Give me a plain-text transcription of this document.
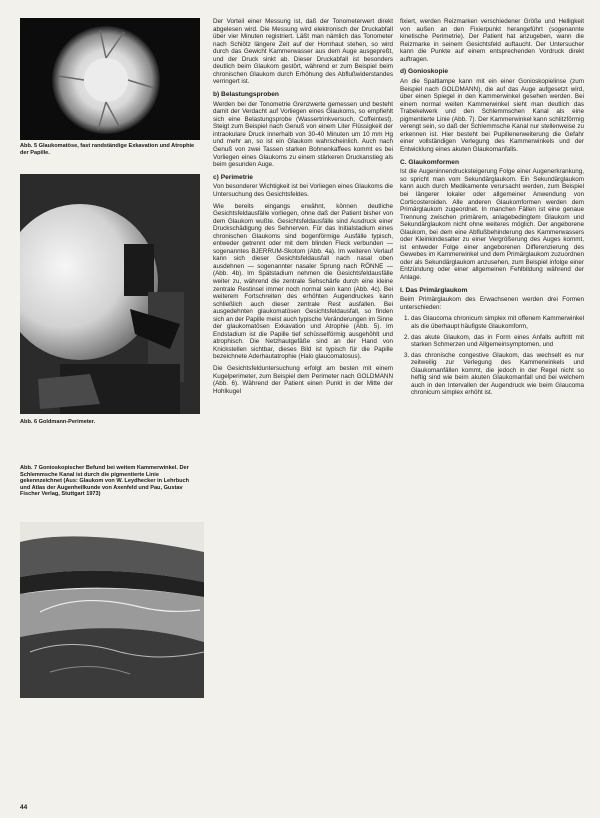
Abb. 5 Glaukomatöse, fast randständige Exkavation und Atrophie der Papille.

Abb. 6 Goldmann-Perimeter.

Abb. 7 Gonioskopischer Befund bei weitem Kammerwinkel. Der Schlemmsche Kanal ist durch die pigmentierte Linie gekennzeichnet (Aus: Glaukom von W. Leydhecker in Lehrbuch und Atlas der Augenheilkunde von Axenfeld und Pau, Gustav Fischer Verlag, Stuttgart 1973)

Der Vorteil einer Messung ist, daß der Tonometerwert direkt abgelesen wird. Die Messung wird elektronisch der Druckabfall über vier Minuten registriert. Läßt man nämlich das Tonometer nach Schiötz längere Zeit auf der Hornhaut stehen, so wird durch das Gewicht Kammerwasser aus dem Auge ausgepreßt, und der Druck sinkt ab. Dieser Druckabfall ist besonders deutlich beim Glaukom gestört, während er zum Beispiel beim chronischen Glaukom durch Erhöhung des Abflußwiderstandes verringert ist.

b) Belastungsproben

Werden bei der Tonometrie Grenzwerte gemessen und besteht damit der Verdacht auf Vorliegen eines Glaukoms, so empfiehlt sich eine Belastungsprobe (Wassertrinkversuch, Coffeintest). Steigt zum Beispiel nach Genuß von einem Liter Flüssigkeit der intraokulare Druck innerhalb von 30-40 Minuten um 10 mm Hg und mehr an, so ist ein Glaukom wahrscheinlich. Auch nach Genuß von zwei Tassen starken Bohnenkaffees kommt es bei Vorliegen eines Glaukoms zu einem stärkeren Druckanstieg als beim gesunden Auge.

c) Perimetrie

Von besonderer Wichtigkeit ist bei Vorliegen eines Glaukoms die Untersuchung des Gesichtsfeldes.

Wie bereits eingangs erwähnt, können deutliche Gesichtsfeldausfälle vorliegen, ohne daß der Patient bisher von dem Glaukom wußte. Gesichtsfeldausfälle sind Ausdruck einer Druckschädigung des Sehnerven. Für das Initialstadium eines chronischen Glaukoms sind bogenförmige Ausfälle typisch, entweder getrennt oder mit dem blinden Fleck verbunden — sogenanntes BJERRUM-Skotom (Abb. 4a). Im weiteren Verlauf kann sich dieser Gesichtsfeldausfall nach nasal oben ausdehnen — sogenannter nasaler Sprung nach RÖNNE — (Abb. 4b). Im Spätstadium nehmen die Gesichtsfeldausfälle weiter zu, während die zentrale Sehschärfe durch eine kleine zentrale Restinsel immer noch normal sein kann (Abb. 4c). Bei weiterem Fortschreiten des erhöhten Augendruckes kann schließlich auch dieser zentrale Rest ausfallen. Bei ausgedehnten glaukomatösen Gesichtsfeldausfall, so finden sich an der Papille meist auch typische Veränderungen im Sinne der glaukomatösen Exkavation und Atrophie (Abb. 5). Im Endstadium ist die Papille tief schüsselförmig ausgehöhlt und atrophisch. Die Netzhautgefäße sind an der Hand von Knickstellen sichtbar, dieses Bild ist typisch für die Papille bezeichnete Aderhautatrophie (Halo glaucomatosus).

Die Gesichtsfelduntersuchung erfolgt am besten mit einem Kugelperimeter, zum Beispiel dem Perimeter nach GOLDMANN (Abb. 6). Während der Patient einen Punkt in der Mitte der Hohlkugel

fixiert, werden Reizmarken verschiedener Größe und Helligkeit von außen an den Fixierpunkt herangeführt (sogenannte kinetische Perimetrie). Der Patient hat anzugeben, wann die Reizmarke in seinem Gesichtsfeld auftaucht. Der Untersucher kann die Punkte auf einem entsprechenden Vordruck direkt auftragen.

d) Gonioskopie

An die Spaltlampe kann mit ein einer Gonioskopielinse (zum Beispiel nach GOLDMANN), die auf das Auge aufgesetzt wird, über einen Spiegel in den Kammerwinkel gesehen werden. Bei einem normal weiten Kammerwinkel sieht man deutlich das Trabekelwerk und den Schlemmschen Kanal als eine pigmentierte Linie (Abb. 7). Der Kammerwinkel kann schlitzförmig verengt sein, so daß der Schlemmsche Kanal nur stellenweise zu erkennen ist. Hier besteht bei Pupillenerweiterung die Gefahr einer vollständigen Verlegung des Kammerwinkels und der Entwicklung eines akuten Glaukomanfalls.

C. Glaukomformen

Ist die Augeninnendrucksteigerung Folge einer Augenerkrankung, so spricht man vom Sekundärglaukom. Ein Sekundärglaukom kann auch durch Medikamente verursacht werden, zum Beispiel bei längerer lokaler oder allgemeiner Anwendung von Corticosteroiden. Alle anderen Glaukomformen werden dem Primärglaukom zugeordnet. In manchen Fällen ist eine genaue Trennung zwischen primärem, anlagebedingtem Glaukom und Sekundärglaukom nicht ohne weiteres möglich. Der angeborene Glaukom, bei dem eine Abflußbehinderung des Kammerwassers oder Kleinkindesalter zu einer Vergrößerung des Auges kommt, ist entweder Folge einer angeborenen Differenzierung des Gewebes im Kammerwinkel und dem Primärglaukom zuzuordnen oder als Sekundärglaukom anzusehen, zum Beispiel infolge einer Entzündung oder einer allgemeinen Fehlbildung während der Anlage.

I. Das Primärglaukom

Beim Primärglaukom des Erwachsenen werden drei Formen unterschieden:

1. das Glaucoma chronicum simplex mit offenem Kammerwinkel als die überhaupt häufigste Glaukomform,
2. das akute Glaukom, das in Form eines Anfalls auftritt mit starken Schmerzen und Allgemeinsymptomen, und
3. das chronische congestive Glaukom, das wechselt es nur zeitweilig zur Verlegung des Kammerwinkels und Glaukomanfällen kommt, die jedoch in der Regel nicht so heftig sind wie beim akuten Glaukomanfall und bei welchem auch in den Intervallen der Augendruck wie beim Glaucoma chronicum simplex erhöht ist.
44
